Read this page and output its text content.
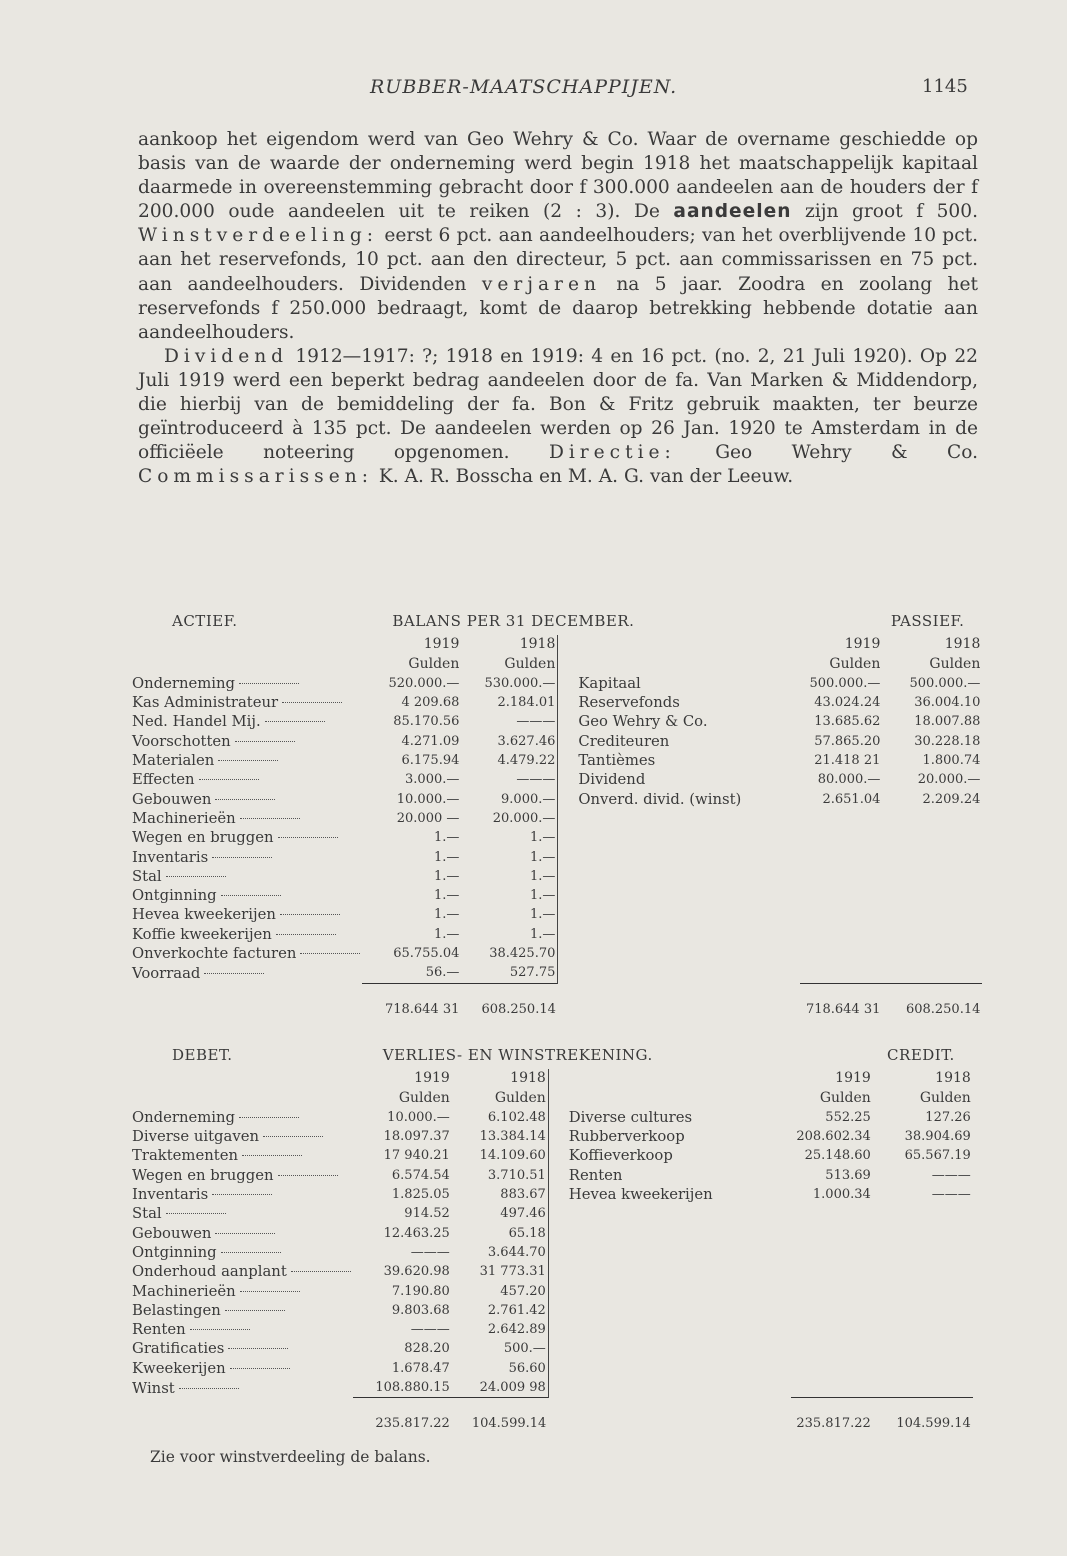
RUBBER-MAATSCHAPPIJEN.	1145

aankoop het eigendom werd van Geo Wehry & Co. Waar de overname geschiedde op basis van de waarde der onderneming werd begin 1918 het maatschappelijk kapitaal daarmede in overeenstemming gebracht door f 300.000 aandeelen aan de houders der f 200.000 oude aandeelen uit te reiken (2 : 3). De aandeelen zijn groot f 500. Winstverdeeling: eerst 6 pct. aan aandeelhouders; van het overblijvende 10 pct. aan het reservefonds, 10 pct. aan den directeur, 5 pct. aan commissarissen en 75 pct. aan aandeelhouders. Dividenden verjaren na 5 jaar. Zoodra en zoolang het reservefonds f 250.000 bedraagt, komt de daarop betrekking hebbende dotatie aan aandeelhouders.

Dividend 1912—1917: ?; 1918 en 1919: 4 en 16 pct. (no. 2, 21 Juli 1920). Op 22 Juli 1919 werd een beperkt bedrag aandeelen door de fa. Van Marken & Middendorp, die hierbij van de bemiddeling der fa. Bon & Fritz gebruik maakten, ter beurze geïntroduceerd à 135 pct. De aandeelen werden op 26 Jan. 1920 te Amsterdam in de officiëele noteering opgenomen. Directie: Geo Wehry & Co. Commissarissen: K. A. R. Bosscha en M. A. G. van der Leeuw.

ACTIEF.	BALANS PER 31 DECEMBER.				PASSIEF.	
	1919	1918			1919	1918
	Gulden	Gulden			Gulden	Gulden
Onderneming	520.000.—	530.000.—		Kapitaal	500.000.—	500.000.—
Kas Administrateur	4 209.68	2.184.01		Reservefonds	43.024.24	36.004.10
Ned. Handel Mij.	85.170.56	———		Geo Wehry & Co.	13.685.62	18.007.88
Voorschotten	4.271.09	3.627.46		Crediteuren	57.865.20	30.228.18
Materialen	6.175.94	4.479.22		Tantièmes	21.418 21	1.800.74
Effecten	3.000.—	———		Dividend	80.000.—	20.000.—
Gebouwen	10.000.—	9.000.—		Onverd. divid. (winst)	2.651.04	2.209.24
Machinerieën	20.000 —	20.000.—				
Wegen en bruggen	1.—	1.—				
Inventaris	1.—	1.—				
Stal	1.—	1.—				
Ontginning	1.—	1.—				
Hevea kweekerijen	1.—	1.—				
Koffie kweekerijen	1.—	1.—				
Onverkochte facturen	65.755.04	38.425.70				
Voorraad	56.—	527.75				
	718.644 31	608.250.14			718.644 31	608.250.14
DEBET.	VERLIES- EN WINSTREKENING.				CREDIT.	
	1919	1918			1919	1918
	Gulden	Gulden			Gulden	Gulden
Onderneming	10.000.—	6.102.48		Diverse cultures	552.25	127.26
Diverse uitgaven	18.097.37	13.384.14		Rubberverkoop	208.602.34	38.904.69
Traktementen	17 940.21	14.109.60		Koffieverkoop	25.148.60	65.567.19
Wegen en bruggen	6.574.54	3.710.51		Renten	513.69	———
Inventaris	1.825.05	883.67		Hevea kweekerijen	1.000.34	———
Stal	914.52	497.46				
Gebouwen	12.463.25	65.18				
Ontginning	———	3.644.70				
Onderhoud aanplant	39.620.98	31 773.31				
Machinerieën	7.190.80	457.20				
Belastingen	9.803.68	2.761.42				
Renten	———	2.642.89				
Gratificaties	828.20	500.—				
Kweekerijen	1.678.47	56.60				
Winst	108.880.15	24.009 98				
	235.817.22	104.599.14			235.817.22	104.599.14
Zie voor winstverdeeling de balans.
